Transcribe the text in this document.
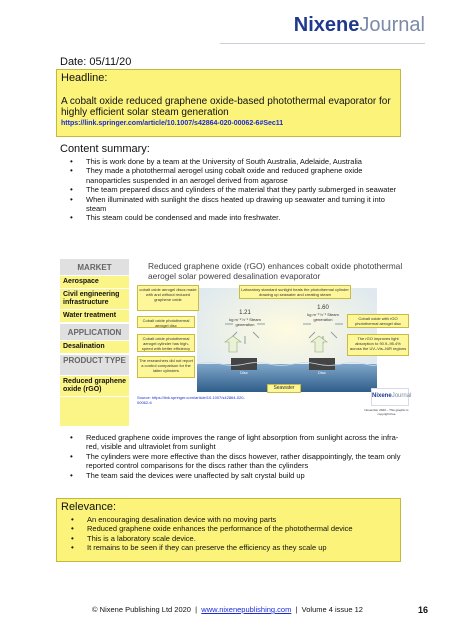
NixeneJournal
Date: 05/11/20
Headline:
A cobalt oxide reduced graphene oxide-based photothermal evaporator for highly efficient solar steam generation
https://link.springer.com/article/10.1007/s42864-020-00062-6#Sec11
Content summary:
• This is work done by a team at the University of South Australia, Adelaide, Australia
• They made a photothermal aerogel using cobalt oxide and reduced graphene oxide nanoparticles suspended in an aerogel derived from agarose
• The team prepared discs and cylinders of the material that they partly submerged in seawater
• When illuminated with sunlight the discs heated up drawing up seawater and turning it into steam
• This steam could be condensed and made into freshwater.
MARKET
Aerospace
Civil engineering infrastructure
Water treatment
APPLICATION
Desalination
PRODUCT TYPE
Reduced graphene oxide (rGO)
Reduced graphene oxide (rGO) enhances cobalt oxide photothermal aerogel solar powered desalination evaporator
cobalt oxide aerogel discs made with and without reduced graphene oxide
Laboratory standard sunlight heats the photothermal cylinder drawing up seawater and creating steam
Cobalt oxide photothermal aerogel disc
Cobalt oxide photothermal aerogel cylinder has high-speed with better efficiency
The researchers did not report a control comparison for the latter cylinders
Cobalt oxide with rGO photothermal aerogel disc
The rGO improves light absorption to 90.9–95.4% across the UV–Vis–NIR regions
1.21
kg m⁻² h⁻¹ Steam generation
1.60
kg m⁻² h⁻¹ Steam generation
Disc	Disc
Seawater
Source: https://link.springer.com/article/10.1007/s42864-020-00062-6
NixeneJournal
November 2020 – This graphic is copyright free
• Reduced graphene oxide improves the range of light absorption from sunlight across the infra-red, visible and ultraviolet from sunlight
• The cylinders were more effective than the discs however, rather disappointingly, the team only reported control comparisons for the discs rather than the cylinders
• The team said the devices were unaffected by salt crystal build up
Relevance:
• An encouraging desalination device with no moving parts
• Reduced graphene oxide enhances the performance of the photothermal device
• This is a laboratory scale device.
• It remains to be seen if they can preserve the efficiency as they scale up
© Nixene Publishing Ltd 2020 | www.nixenepublishing.com | Volume 4 issue 12	16
